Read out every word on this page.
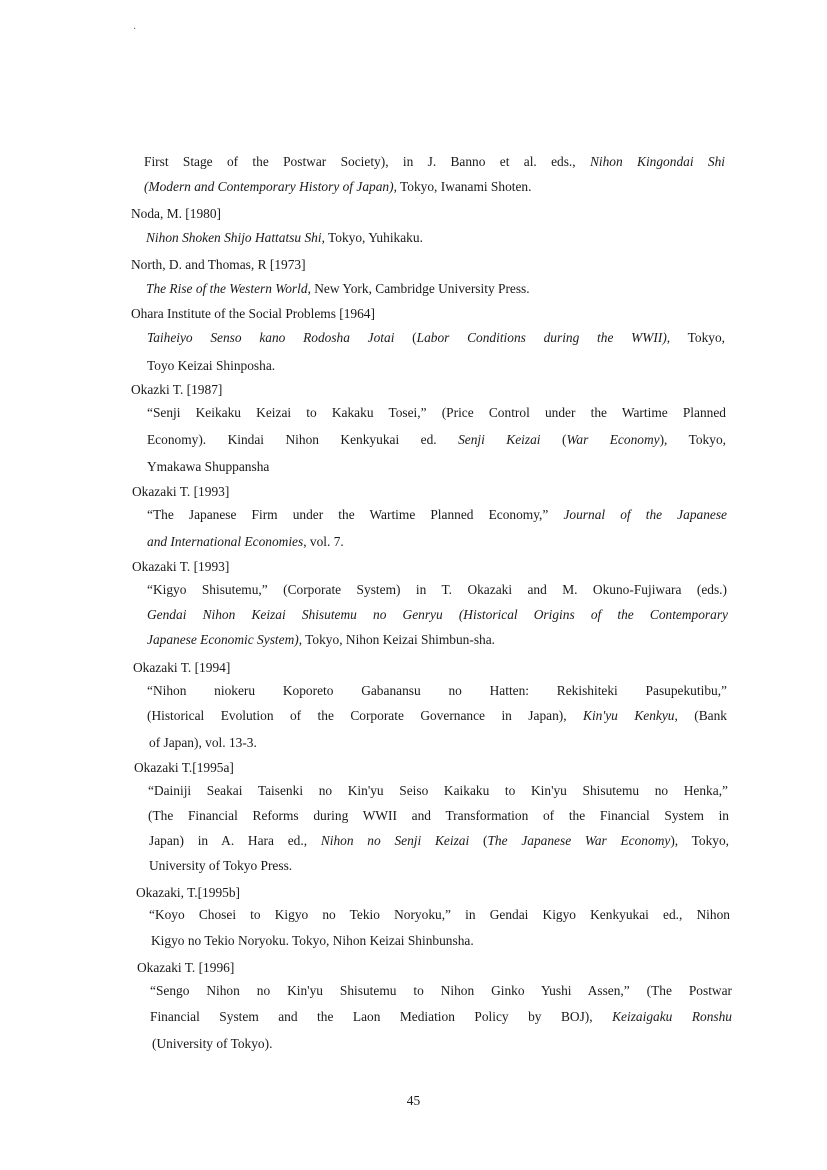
·
First Stage of the Postwar Society), in J. Banno et al. eds., Nihon Kingondai Shi
(Modern and Contemporary History of Japan), Tokyo, Iwanami Shoten.
Noda, M. [1980]
Nihon Shoken Shijo Hattatsu Shi, Tokyo, Yuhikaku.
North, D. and Thomas, R [1973]
The Rise of the Western World, New York, Cambridge University Press.
Ohara Institute of the Social Problems [1964]
Taiheiyo Senso kano Rodosha Jotai (Labor Conditions during the WWII), Tokyo,
Toyo Keizai Shinposha.
Okazki T. [1987]
“Senji Keikaku Keizai to Kakaku Tosei,” (Price Control under the Wartime Planned
Economy). Kindai Nihon Kenkyukai ed. Senji Keizai (War Economy), Tokyo,
Ymakawa Shuppansha
Okazaki T. [1993]
“The Japanese Firm under the Wartime Planned Economy,” Journal of the Japanese
and International Economies, vol. 7.
Okazaki T. [1993]
“Kigyo Shisutemu,” (Corporate System) in T. Okazaki and M. Okuno-Fujiwara (eds.)
Gendai Nihon Keizai Shisutemu no Genryu (Historical Origins of the Contemporary
Japanese Economic System), Tokyo, Nihon Keizai Shimbun-sha.
Okazaki T. [1994]
“Nihon niokeru Koporeto Gabanansu no Hatten: Rekishiteki Pasupekutibu,”
(Historical Evolution of the Corporate Governance in Japan), Kin'yu Kenkyu, (Bank
of Japan), vol. 13-3.
Okazaki T.[1995a]
“Dainiji Seakai Taisenki no Kin'yu Seiso Kaikaku to Kin'yu Shisutemu no Henka,”
(The Financial Reforms during WWII and Transformation of the Financial System in
Japan) in A. Hara ed., Nihon no Senji Keizai (The Japanese War Economy), Tokyo,
University of Tokyo Press.
Okazaki, T.[1995b]
“Koyo Chosei to Kigyo no Tekio Noryoku,” in Gendai Kigyo Kenkyukai ed., Nihon
Kigyo no Tekio Noryoku. Tokyo, Nihon Keizai Shinbunsha.
Okazaki T. [1996]
“Sengo Nihon no Kin'yu Shisutemu to Nihon Ginko Yushi Assen,” (The Postwar
Financial System and the Laon Mediation Policy by BOJ), Keizaigaku Ronshu
(University of Tokyo).
45
